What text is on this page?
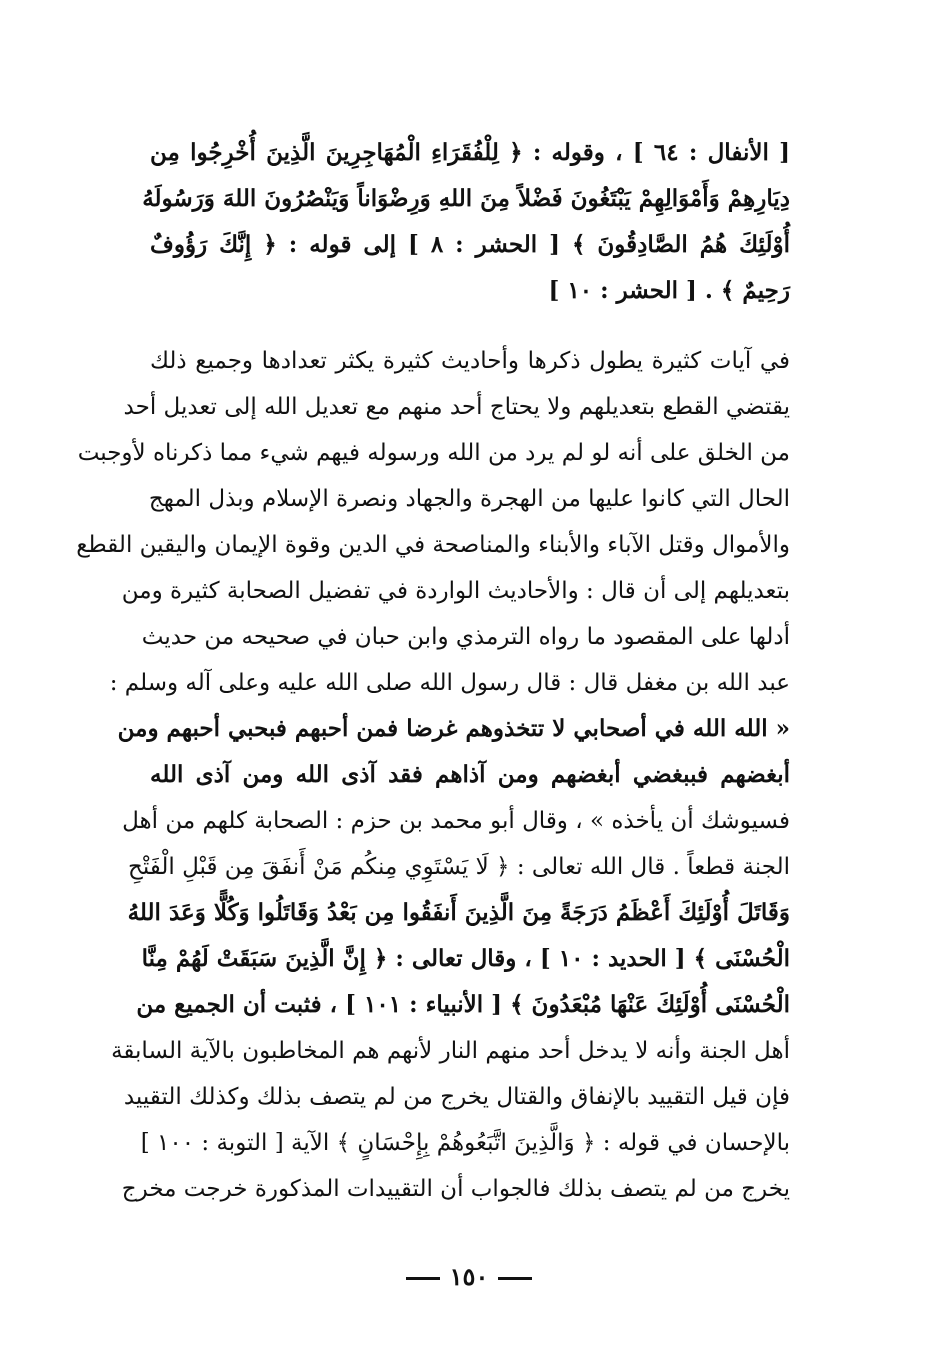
[ الأنفال : ٦٤ ] ، وقوله : ﴿ لِلْفُقَرَاءِ الْمُهَاجِرِينَ الَّذِينَ أُخْرِجُوا مِن
دِيَارِهِمْ وَأَمْوَالِهِمْ يَبْتَغُونَ فَضْلاً مِنَ اللهِ وَرِضْوَاناً وَيَنْصُرُونَ اللهَ وَرَسُولَهُ
أُوْلَئِكَ هُمُ الصَّادِقُونَ ﴾ [ الحشر : ٨ ] إلى قوله : ﴿ إِنَّكَ رَؤُوفٌ
رَحِيمٌ ﴾ . [ الحشر : ١٠ ]
في آيات كثيرة يطول ذكرها وأحاديث كثيرة يكثر تعدادها وجميع ذلك
يقتضي القطع بتعديلهم ولا يحتاج أحد منهم مع تعديل الله إلى تعديل أحد
من الخلق على أنه لو لم يرد من الله ورسوله فيهم شيء مما ذكرناه لأوجبت
الحال التي كانوا عليها من الهجرة والجهاد ونصرة الإسلام وبذل المهج
والأموال وقتل الآباء والأبناء والمناصحة في الدين وقوة الإيمان واليقين القطع
بتعديلهم إلى أن قال : والأحاديث الواردة في تفضيل الصحابة كثيرة ومن
أدلها على المقصود ما رواه الترمذي وابن حبان في صحيحه من حديث
عبد الله بن مغفل قال : قال رسول الله صلى الله عليه وعلى آله وسلم :
« الله الله في أصحابي لا تتخذوهم غرضا فمن أحبهم فبحبي أحبهم ومن
أبغضهم فببغضي أبغضهم ومن آذاهم فقد آذى الله ومن آذى الله
فسيوشك أن يأخذه » ، وقال أبو محمد بن حزم : الصحابة كلهم من أهل
الجنة قطعاً . قال الله تعالى : ﴿ لَا يَسْتَوِي مِنكُم مَنْ أَنفَقَ مِن قَبْلِ الْفَتْحِ
وَقَاتَلَ أُوْلَئِكَ أَعْظَمُ دَرَجَةً مِنَ الَّذِينَ أَنفَقُوا مِن بَعْدُ وَقَاتَلُوا وَكُلًّا وَعَدَ اللهُ
الْحُسْنَى ﴾ [ الحديد : ١٠ ] ، وقال تعالى : ﴿ إِنَّ الَّذِينَ سَبَقَتْ لَهُمْ مِنَّا
الْحُسْنَى أُوْلَئِكَ عَنْهَا مُبْعَدُونَ ﴾ [ الأنبياء : ١٠١ ] ، فثبت أن الجميع من
أهل الجنة وأنه لا يدخل أحد منهم النار لأنهم هم المخاطبون بالآية السابقة
فإن قيل التقييد بالإنفاق والقتال يخرج من لم يتصف بذلك وكذلك التقييد
بالإحسان في قوله : ﴿ وَالَّذِينَ اتَّبَعُوهُمْ بِإِحْسَانٍ ﴾ الآية [ التوبة : ١٠٠ ]
يخرج من لم يتصف بذلك فالجواب أن التقييدات المذكورة خرجت مخرج
١٥٠
